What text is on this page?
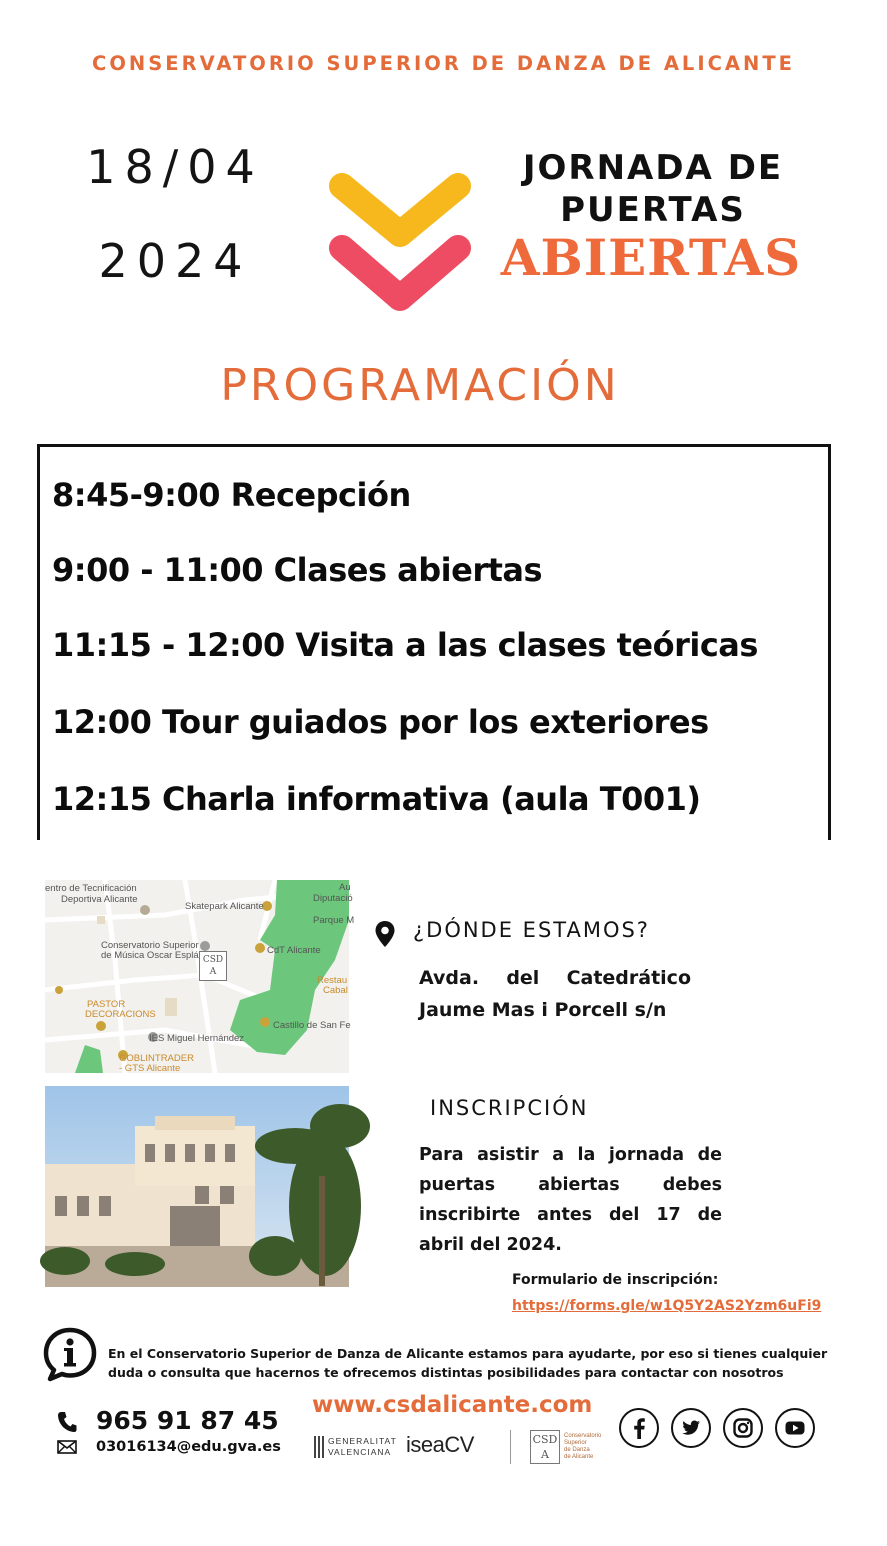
CONSERVATORIO SUPERIOR DE DANZA DE ALICANTE
18/04
2024
JORNADA DE
PUERTAS
ABIERTAS
PROGRAMACIÓN
8:45-9:00 Recepción
9:00 - 11:00 Clases abiertas
11:15 - 12:00 Visita a las clases teóricas
12:00 Tour guiados por los exteriores
12:15 Charla informativa (aula T001)
entro de Tecnificación
Deportiva Alicante
Skatepark Alicante
Diputació
Au
Parque M
Conservatorio Superior
de Música Oscar Esplá	CdT Alicante
Restau
Cabal
PASTOR
DECORACIONS
IES Miguel Hernández
Castillo de San Fe
GOBLINTRADER
- GTS Alicante
CSDA
¿DÓNDE ESTAMOS?
Avda. del Catedrático
Jaume Mas i Porcell s/n
INSCRIPCIÓN
Para asistir a la jornada de puertas abiertas debes inscribirte antes del 17 de abril del 2024.
Formulario de inscripción:
https://forms.gle/w1Q5Y2AS2Yzm6uFi9
En el Conservatorio Superior de Danza de Alicante estamos para ayudarte, por eso si tienes cualquier duda o consulta que hacernos te ofrecemos distintas posibilidades para contactar con nosotros
965 91 87 45
03016134@edu.gva.es
www.csdalicante.com
GENERALITAT
VALENCIANA iseaCV	CSDA
Conservatorio
Superior
de Danza
de Alicante
